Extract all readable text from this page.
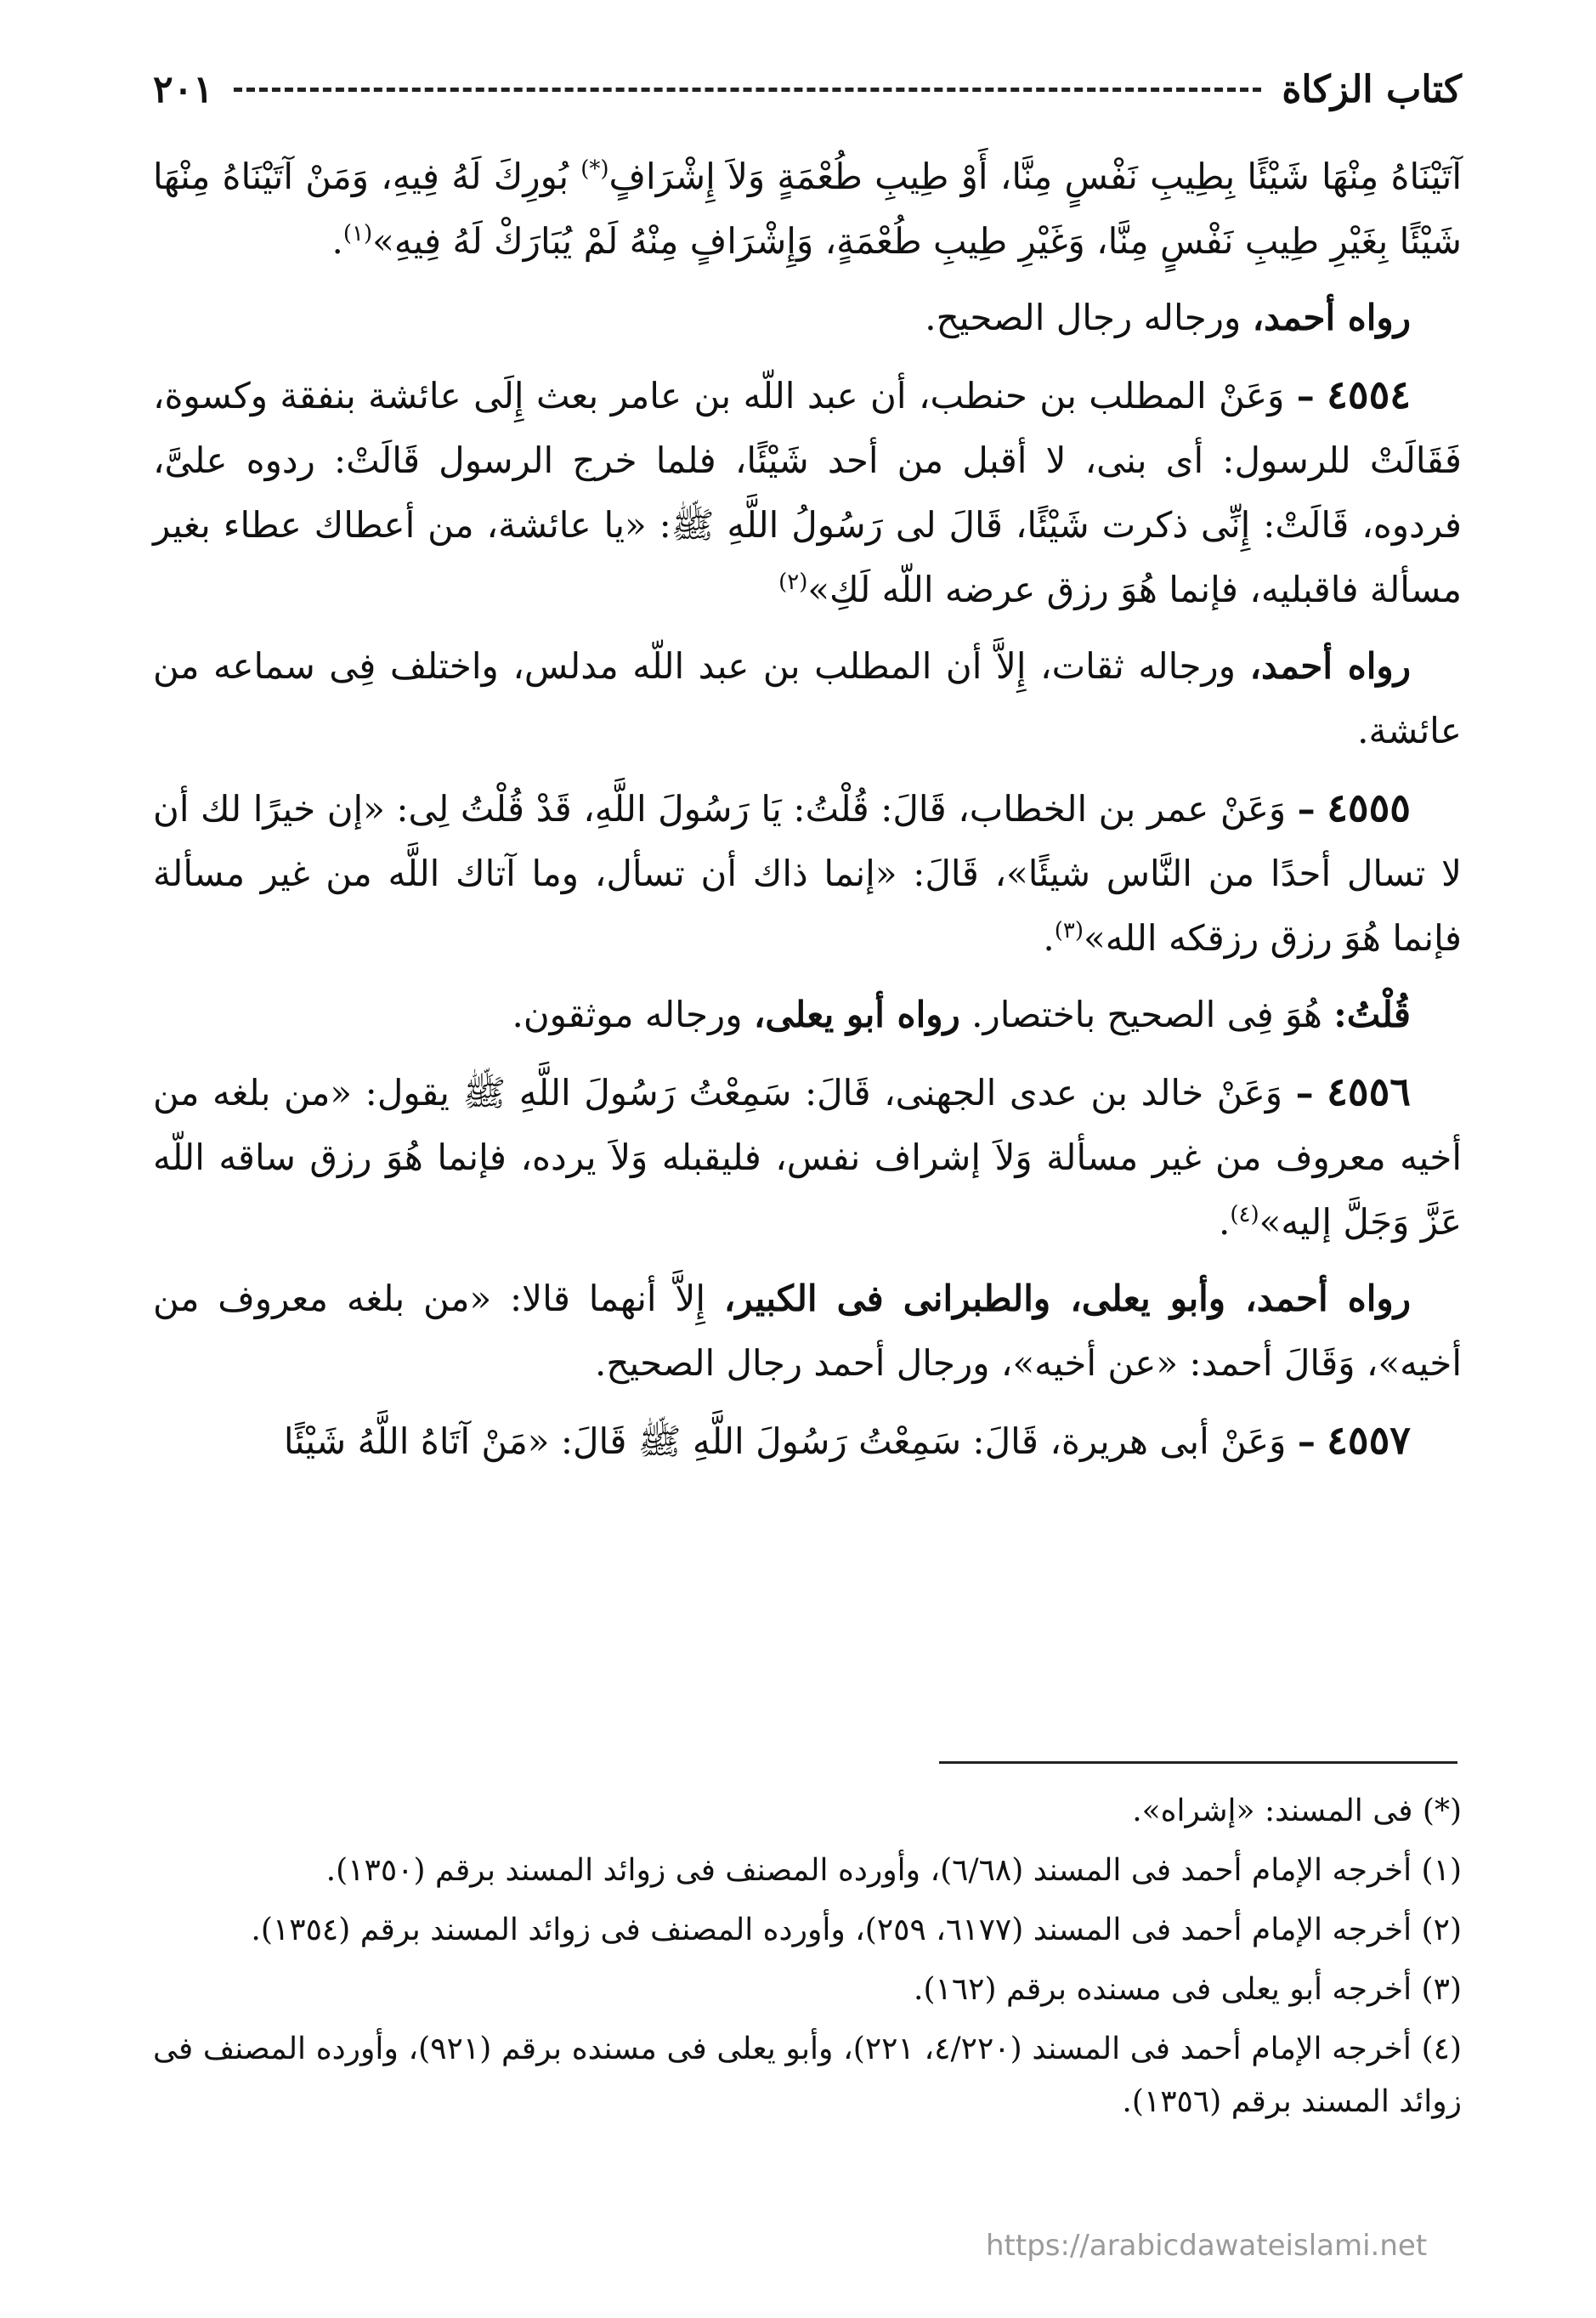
كتاب الزكاة
٢٠١

آتَيْنَاهُ مِنْهَا شَيْئًا بِطِيبِ نَفْسٍ مِنَّا، أَوْ طِيبِ طُعْمَةٍ وَلاَ إِشْرَافٍ(*) بُورِكَ لَهُ فِيهِ، وَمَنْ آتَيْنَاهُ مِنْهَا شَيْئًا بِغَيْرِ طِيبِ نَفْسٍ مِنَّا، وَغَيْرِ طِيبِ طُعْمَةٍ، وَإِشْرَافٍ مِنْهُ لَمْ يُبَارَكْ لَهُ فِيهِ»$^{(١)}$.

رواه أحمد، ورجاله رجال الصحيح.

٤٥٥٤ – وَعَنْ المطلب بن حنطب، أن عبد اللّه بن عامر بعث إِلَى عائشة بنفقة وكسوة، فَقَالَتْ للرسول: أى بنى، لا أقبل من أحد شَيْئًا، فلما خرج الرسول قَالَتْ: ردوه علىَّ، فردوه، قَالَتْ: إِنِّى ذكرت شَيْئًا، قَالَ لى رَسُولُ اللَّهِ ﷺ: «يا عائشة، من أعطاك عطاء بغير مسألة فاقبليه، فإنما هُوَ رزق عرضه اللّه لَكِ»$^{(٢)}$

رواه أحمد، ورجاله ثقات، إِلاَّ أن المطلب بن عبد اللّه مدلس، واختلف فِى سماعه من عائشة.

٤٥٥٥ – وَعَنْ عمر بن الخطاب، قَالَ: قُلْتُ: يَا رَسُولَ اللَّهِ، قَدْ قُلْتُ لِى: «إن خيرًا لك أن لا تسال أحدًا من النَّاس شيئًا»، قَالَ: «إنما ذاك أن تسأل، وما آتاك اللَّه من غير مسألة فإنما هُوَ رزق رزقكه الله»$^{(٣)}$.

قُلْتُ: هُوَ فِى الصحيح باختصار. رواه أبو يعلى، ورجاله موثقون.

٤٥٥٦ – وَعَنْ خالد بن عدى الجهنى، قَالَ: سَمِعْتُ رَسُولَ اللَّهِ ﷺ يقول: «من بلغه من أخيه معروف من غير مسألة وَلاَ إشراف نفس، فليقبله وَلاَ يرده، فإنما هُوَ رزق ساقه اللّه عَزَّ وَجَلَّ إليه»$^{(٤)}$.

رواه أحمد، وأبو يعلى، والطبرانى فى الكبير، إِلاَّ أنهما قالا: «من بلغه معروف من أخيه»، وَقَالَ أحمد: «عن أخيه»، ورجال أحمد رجال الصحيح.

٤٥٥٧ – وَعَنْ أبى هريرة، قَالَ: سَمِعْتُ رَسُولَ اللَّهِ ﷺ قَالَ: «مَنْ آتَاهُ اللَّهُ شَيْئًا

(*) فى المسند: «إشراه».

(١) أخرجه الإمام أحمد فى المسند (٦/٦٨)، وأورده المصنف فى زوائد المسند برقم (١٣٥٠).

(٢) أخرجه الإمام أحمد فى المسند (٦١٧٧، ٢٥٩)، وأورده المصنف فى زوائد المسند برقم (١٣٥٤).

(٣) أخرجه أبو يعلى فى مسنده برقم (١٦٢).

(٤) أخرجه الإمام أحمد فى المسند (٤/٢٢٠، ٢٢١)، وأبو يعلى فى مسنده برقم (٩٢١)، وأورده المصنف فى زوائد المسند برقم (١٣٥٦).

https://arabicdawateislami.net
